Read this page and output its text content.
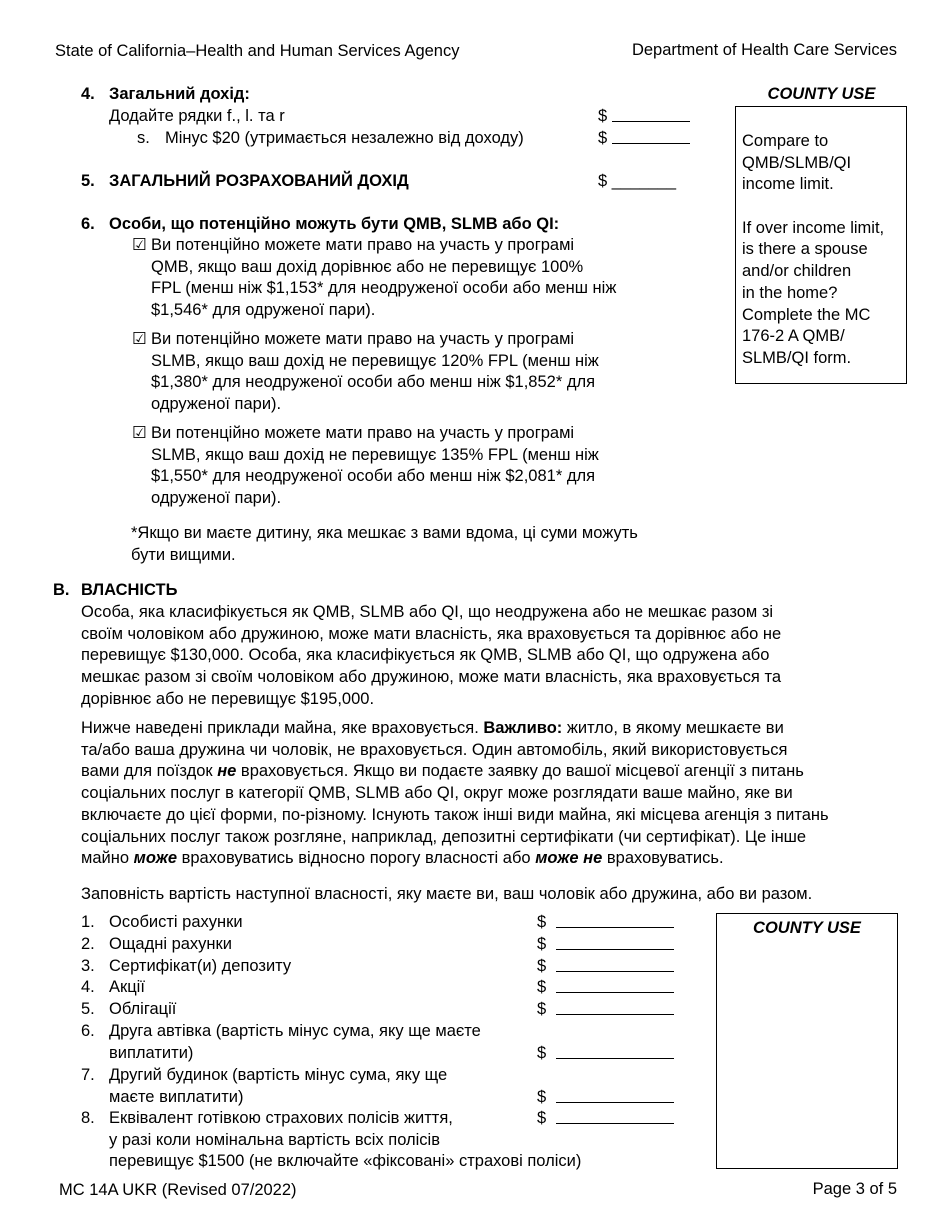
State of California–Health and Human Services Agency	Department of Health Care Services
4. Загальний дохід:
Додайте рядки f., l. та r	$
s. Мінус $20 (утримається незалежно від доходу)	$
5. ЗАГАЛЬНИЙ РОЗРАХОВАНИЙ ДОХІД	$ _______
6. Особи, що потенційно можуть бути QMB, SLMB або QI:

☑ Ви потенційно можете мати право на участь у програмі

QMB, якщо ваш дохід дорівнює або не перевищує 100%

FPL (менш ніж $1,153* для неодруженої особи або менш ніж

$1,546* для одруженої пари).

☑ Ви потенційно можете мати право на участь у програмі

SLMB, якщо ваш дохід не перевищує 120% FPL (менш ніж

$1,380* для неодруженої особи або менш ніж $1,852* для

одруженої пари).

☑ Ви потенційно можете мати право на участь у програмі

SLMB, якщо ваш дохід не перевищує 135% FPL (менш ніж

$1,550* для неодруженої особи або менш ніж $2,081* для

одруженої пари).

*Якщо ви маєте дитину, яка мешкає з вами вдома, ці суми можуть

бути вищими.

COUNTY USE
Compare to
QMB/SLMB/QI
income limit.
If over income limit,
is there a spouse
and/or children
in the home?
Complete the MC
176-2 A QMB/
SLMB/QI form.
B. ВЛАСНІСТЬ

Особа, яка класифікується як QMB, SLMB або QI, що неодружена або не мешкає разом зі

своїм чоловіком або дружиною, може мати власність, яка враховується та дорівнює або не

перевищує $130,000. Особа, яка класифікується як QMB, SLMB або QI, що одружена або

мешкає разом зі своїм чоловіком або дружиною, може мати власність, яка враховується та

дорівнює або не перевищує $195,000.

Нижче наведені приклади майна, яке враховується. Важливо: житло, в якому мешкаєте ви

та/або ваша дружина чи чоловік, не враховується. Один автомобіль, який використовується

вами для поїздок не враховується. Якщо ви подаєте заявку до вашої місцевої агенції з питань

соціальних послуг в категорії QMB, SLMB або QI, округ може розглядати ваше майно, яке ви

включаєте до цієї форми, по-різному. Існують також інші види майна, які місцева агенція з питань

соціальних послуг також розгляне, наприклад, депозитні сертифікати (чи сертифікат). Це інше

майно може враховуватись відносно порогу власності або може не враховуватись.

Заповність вартість наступної власності, яку маєте ви, ваш чоловік або дружина, або ви разом.
1. Особисті рахунки	$
2. Ощадні рахунки	$
3. Сертифікат(и) депозиту	$
4. Акції	$
5. Облігації	$
6. Друга автівка (вартість мінус сума, яку ще маєте
виплатити)	$
7. Другий будинок (вартість мінус сума, яку ще
маєте виплатити)	$
8. Еквівалент готівкою страхових полісів життя,
у разі коли номінальна вартість всіх полісів
перевищує $1500 (не включайте «фіксовані» страхові поліси)
$
COUNTY USE
MC 14A UKR (Revised 07/2022)	Page 3 of 5
